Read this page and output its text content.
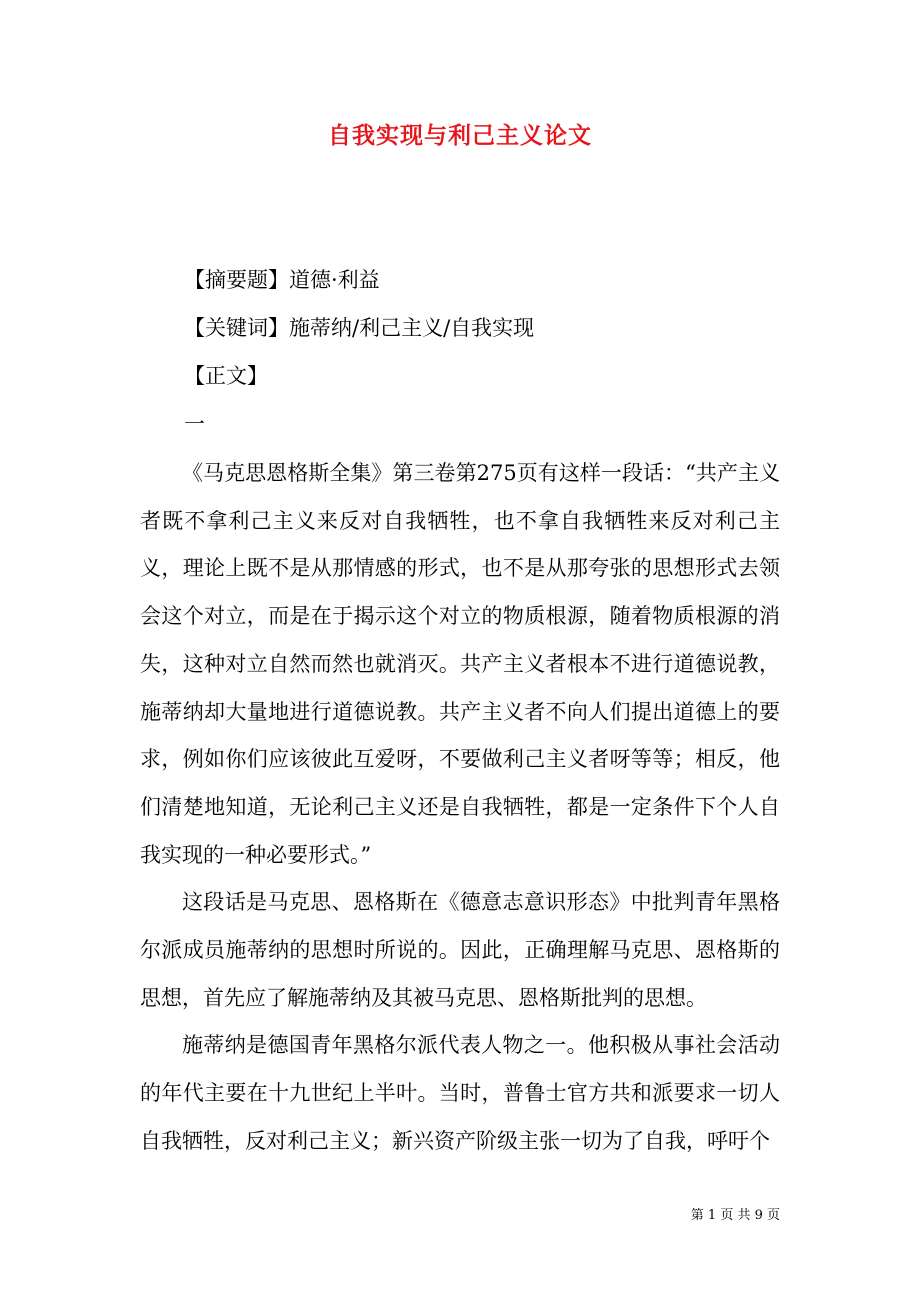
自我实现与利己主义论文
【摘要题】道德·利益
【关键词】施蒂纳/利己主义/自我实现
【正文】
一

《马克思恩格斯全集》第三卷第275页有这样一段话：“共产主义者既不拿利己主义来反对自我牺牲，也不拿自我牺牲来反对利己主义，理论上既不是从那情感的形式，也不是从那夸张的思想形式去领会这个对立，而是在于揭示这个对立的物质根源，随着物质根源的消失，这种对立自然而然也就消灭。共产主义者根本不进行道德说教，施蒂纳却大量地进行道德说教。共产主义者不向人们提出道德上的要求，例如你们应该彼此互爱呀，不要做利己主义者呀等等；相反，他们清楚地知道，无论利己主义还是自我牺牲，都是一定条件下个人自我实现的一种必要形式。”

这段话是马克思、恩格斯在《德意志意识形态》中批判青年黑格尔派成员施蒂纳的思想时所说的。因此，正确理解马克思、恩格斯的思想，首先应了解施蒂纳及其被马克思、恩格斯批判的思想。

施蒂纳是德国青年黑格尔派代表人物之一。他积极从事社会活动的年代主要在十九世纪上半叶。当时，普鲁士官方共和派要求一切人自我牺牲，反对利己主义；新兴资产阶级主张一切为了自我，呼吁个

第 1 页 共 9 页
